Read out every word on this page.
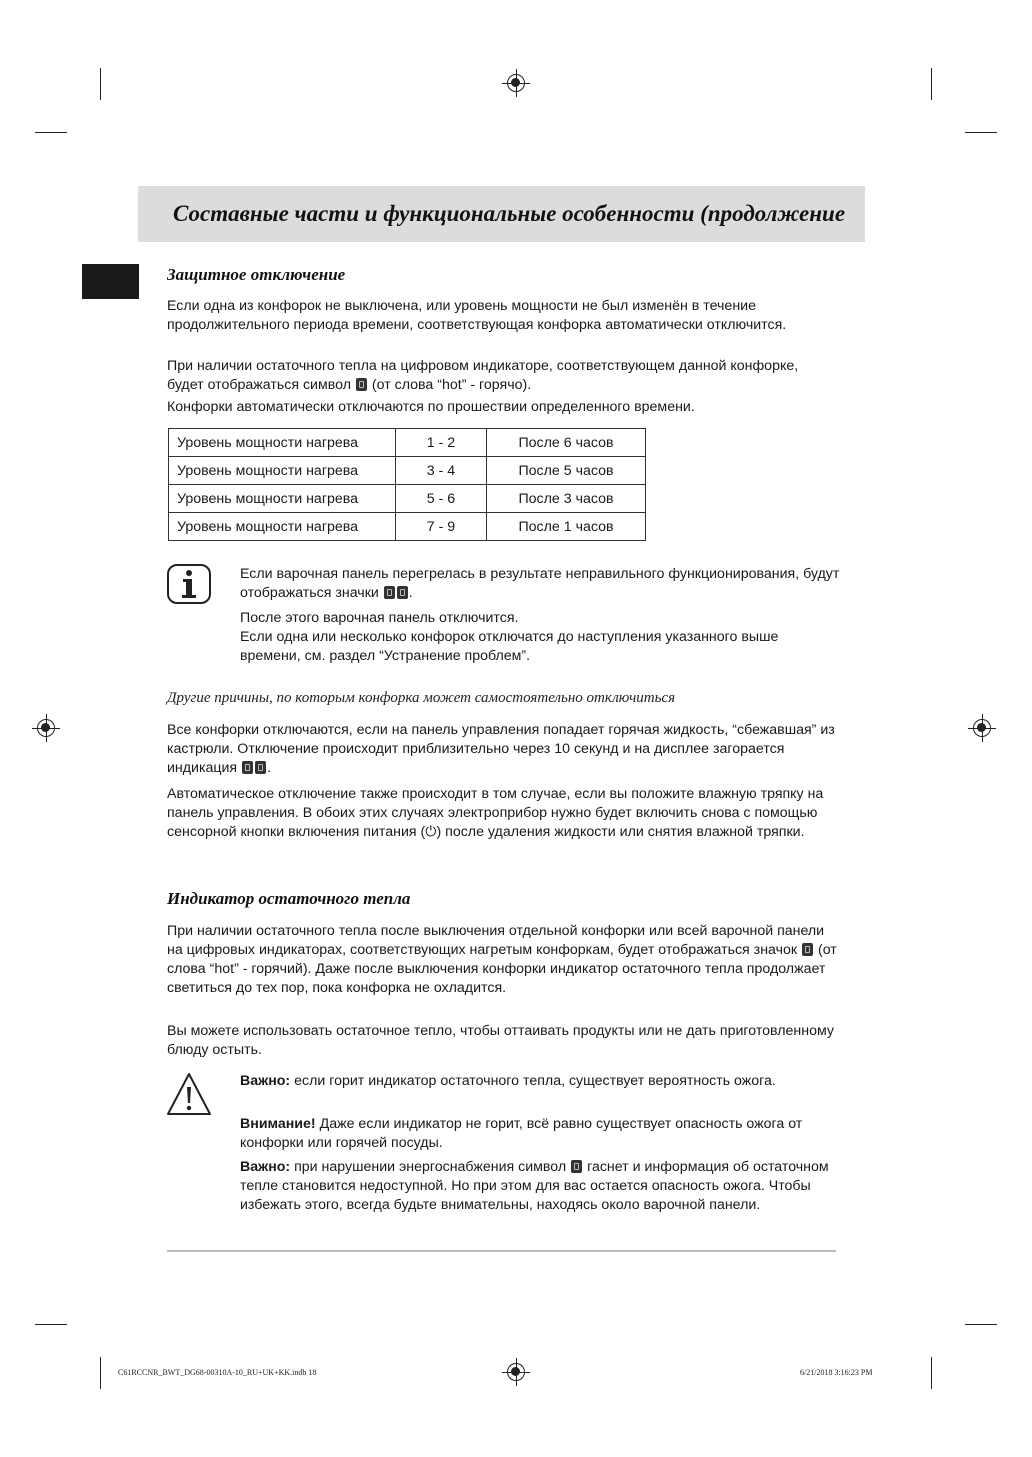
Составные части и функциональные особенности (продолжение
Защитное отключение
Если одна из конфорок не выключена, или уровень мощности не был изменён в течение продолжительного периода времени, соответствующая конфорка автоматически отключится.
При наличии остаточного тепла на цифровом индикаторе, соответствующем данной конфорке, будет отображаться символ (от слова “hot” - горячо).
Конфорки автоматически отключаются по прошествии определенного времени.
Уровень мощности нагрева	1 - 2	После 6 часов
Уровень мощности нагрева	3 - 4	После 5 часов
Уровень мощности нагрева	5 - 6	После 3 часов
Уровень мощности нагрева	7 - 9	После 1 часов
Если варочная панель перегрелась в результате неправильного функционирования, будут отображаться значки .
После этого варочная панель отключится.
Если одна или несколько конфорок отключатся до наступления указанного выше времени, см. раздел “Устранение проблем”.
Другие причины, по которым конфорка может самостоятельно отключиться
Все конфорки отключаются, если на панель управления попадает горячая жидкость, “сбежавшая” из кастрюли. Отключение происходит приблизительно через 10 секунд и на дисплее загорается индикация .
Автоматическое отключение также происходит в том случае, если вы положите влажную тряпку на панель управления. В обоих этих случаях электроприбор нужно будет включить снова с помощью сенсорной кнопки включения питания (⏻) после удаления жидкости или снятия влажной тряпки.
Индикатор остаточного тепла
При наличии остаточного тепла после выключения отдельной конфорки или всей варочной панели на цифровых индикаторах, соответствующих нагретым конфоркам, будет отображаться значок (от слова “hot” - горячий). Даже после выключения конфорки индикатор остаточного тепла продолжает светиться до тех пор, пока конфорка не охладится.
Вы можете использовать остаточное тепло, чтобы оттаивать продукты или не дать приготовленному блюду остыть.
Важно: если горит индикатор остаточного тепла, существует вероятность ожога.
Внимание! Даже если индикатор не горит, всё равно существует опасность ожога от конфорки или горячей посуды.
Важно: при нарушении энергоснабжения символ гаснет и информация об остаточном тепле становится недоступной. Но при этом для вас остается опасность ожога. Чтобы избежать этого, всегда будьте внимательны, находясь около варочной панели.
C61RCCNR_BWT_DG68-00310A-10_RU+UK+KK.indb 18	6/21/2018 3:16:23 PM
